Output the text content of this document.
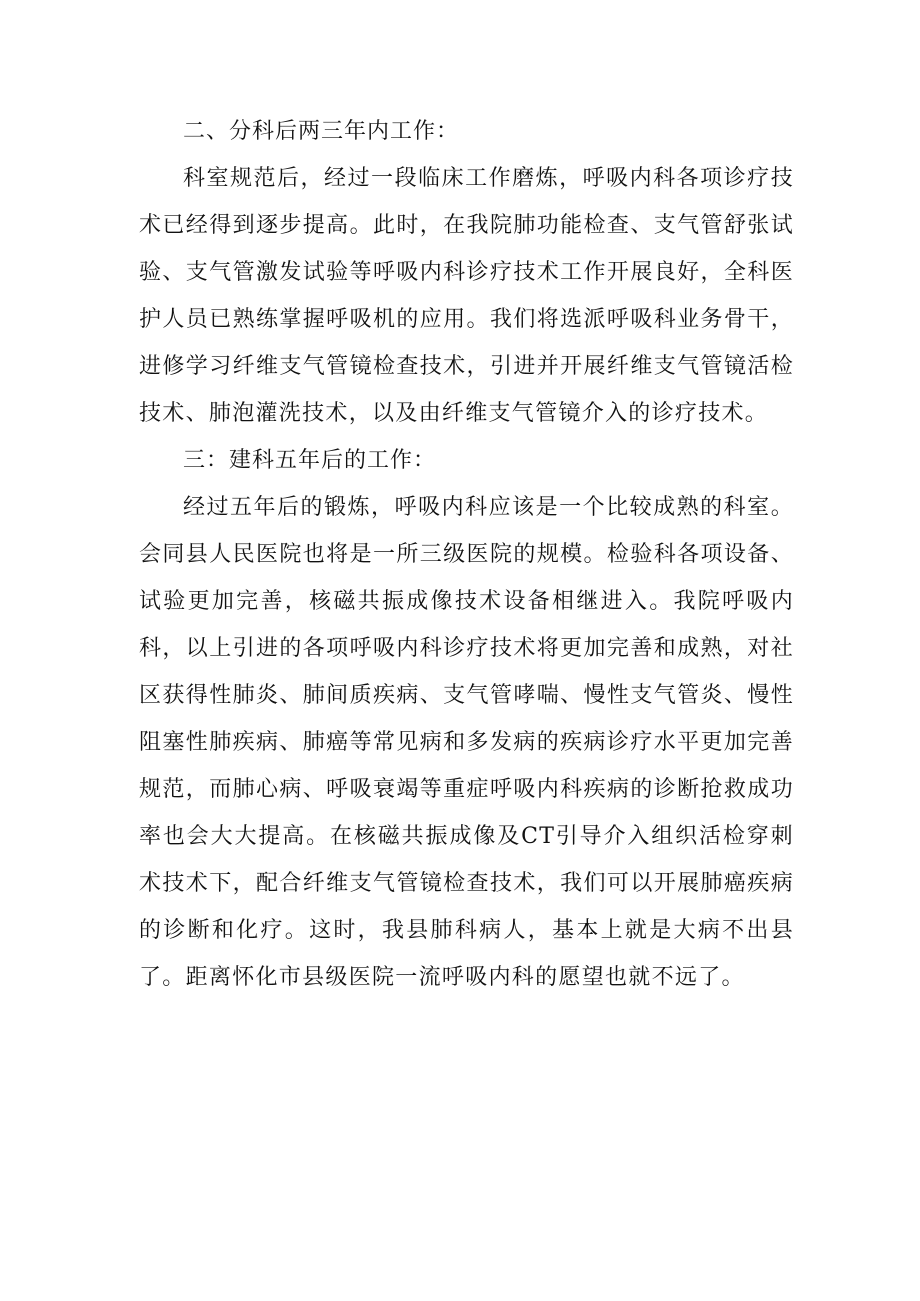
二、分科后两三年内工作：

科室规范后，经过一段临床工作磨炼，呼吸内科各项诊疗技术已经得到逐步提高。此时，在我院肺功能检查、支气管舒张试验、支气管激发试验等呼吸内科诊疗技术工作开展良好，全科医护人员已熟练掌握呼吸机的应用。我们将选派呼吸科业务骨干，进修学习纤维支气管镜检查技术，引进并开展纤维支气管镜活检技术、肺泡灌洗技术，以及由纤维支气管镜介入的诊疗技术。

三：建科五年后的工作：

经过五年后的锻炼，呼吸内科应该是一个比较成熟的科室。会同县人民医院也将是一所三级医院的规模。检验科各项设备、试验更加完善，核磁共振成像技术设备相继进入。我院呼吸内科，以上引进的各项呼吸内科诊疗技术将更加完善和成熟，对社区获得性肺炎、肺间质疾病、支气管哮喘、慢性支气管炎、慢性阻塞性肺疾病、肺癌等常见病和多发病的疾病诊疗水平更加完善规范，而肺心病、呼吸衰竭等重症呼吸内科疾病的诊断抢救成功率也会大大提高。在核磁共振成像及CT引导介入组织活检穿刺术技术下，配合纤维支气管镜检查技术，我们可以开展肺癌疾病的诊断和化疗。这时，我县肺科病人，基本上就是大病不出县了。距离怀化市县级医院一流呼吸内科的愿望也就不远了。
